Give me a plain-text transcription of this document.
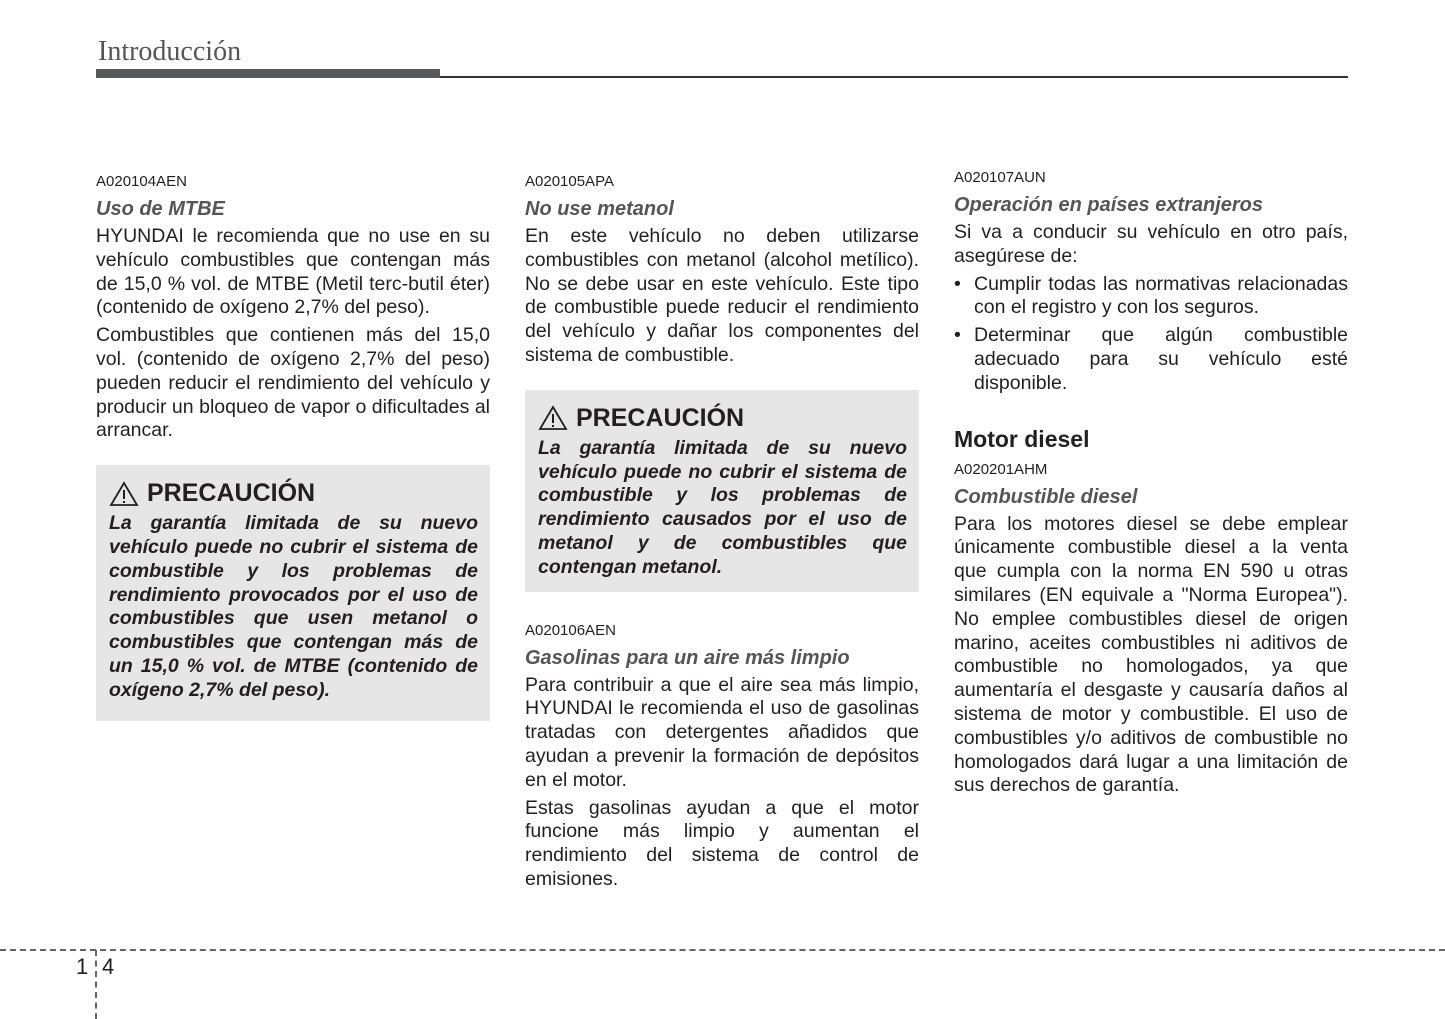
Introducción
A020104AEN
Uso de MTBE

HYUNDAI le recomienda que no use en su vehículo combustibles que contengan más de 15,0 % vol. de MTBE (Metil terc-butil éter) (contenido de oxígeno 2,7% del peso).

Combustibles que contienen más del 15,0 vol. (contenido de oxígeno 2,7% del peso) pueden reducir el rendimiento del vehículo y producir un bloqueo de vapor o dificultades al arrancar.

PRECAUCIÓN
La garantía limitada de su nuevo vehículo puede no cubrir el sistema de combustible y los problemas de rendimiento provocados por el uso de combustibles que usen metanol o combustibles que contengan más de un 15,0 % vol. de MTBE (contenido de oxígeno 2,7% del peso).
A020105APA
No use metanol

En este vehículo no deben utilizarse combustibles con metanol (alcohol metílico). No se debe usar en este vehículo. Este tipo de combustible puede reducir el rendimiento del vehículo y dañar los componentes del sistema de combustible.

PRECAUCIÓN
La garantía limitada de su nuevo vehículo puede no cubrir el sistema de combustible y los problemas de rendimiento causados por el uso de metanol y de combustibles que contengan metanol.
A020106AEN
Gasolinas para un aire más limpio

Para contribuir a que el aire sea más limpio, HYUNDAI le recomienda el uso de gasolinas tratadas con detergentes añadidos que ayudan a prevenir la formación de depósitos en el motor.

Estas gasolinas ayudan a que el motor funcione más limpio y aumentan el rendimiento del sistema de control de emisiones.

A020107AUN
Operación en países extranjeros

Si va a conducir su vehículo en otro país, asegúrese de:

• Cumplir todas las normativas relacionadas con el registro y con los seguros.
• Determinar que algún combustible adecuado para su vehículo esté disponible.
Motor diesel
A020201AHM
Combustible diesel

Para los motores diesel se debe emplear únicamente combustible diesel a la venta que cumpla con la norma EN 590 u otras similares (EN equivale a "Norma Europea"). No emplee combustibles diesel de origen marino, aceites combustibles ni aditivos de combustible no homologados, ya que aumentaría el desgaste y causaría daños al sistema de motor y combustible. El uso de combustibles y/o aditivos de combustible no homologados dará lugar a una limitación de sus derechos de garantía.

1 4
